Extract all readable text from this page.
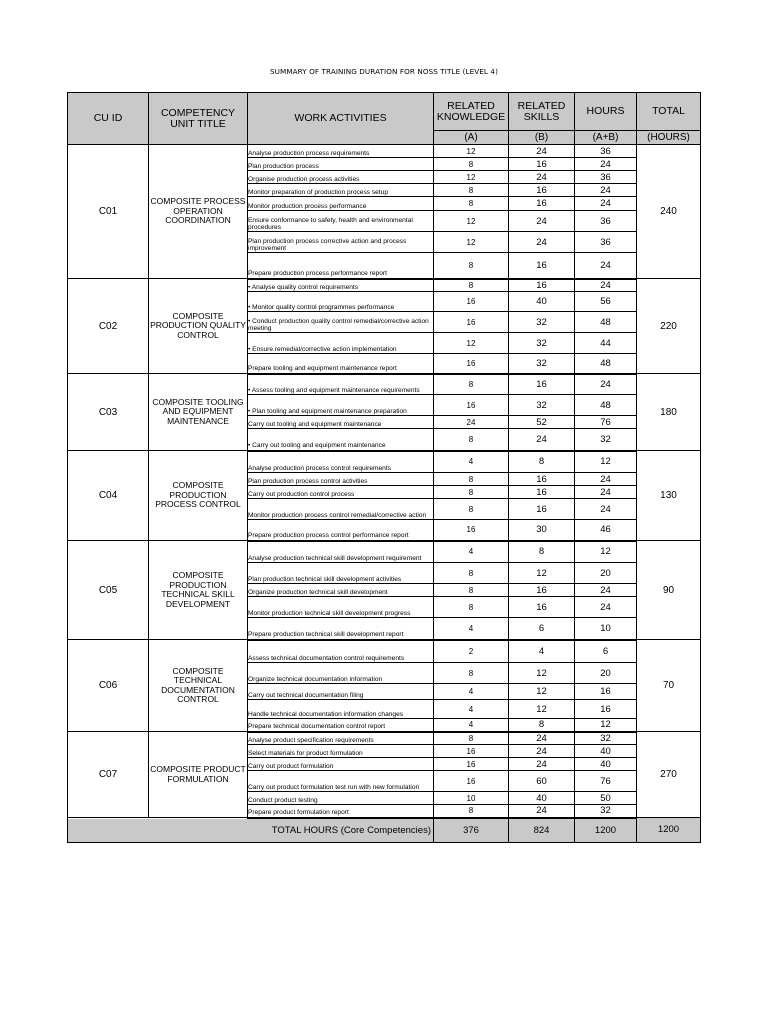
SUMMARY OF TRAINING DURATION FOR NOSS TITLE (LEVEL 4)
CU ID	COMPETENCY UNIT TITLE	WORK ACTIVITIES	RELATED KNOWLEDGE	RELATED SKILLS	HOURS	TOTAL
			(A)	(B)	(A+B)	(HOURS)
C01	COMPOSITE PROCESS OPERATION COORDINATION	Analyse production process requirements	12	24	36	240
		Plan production process	8	16	24	
		Organise production process activities	12	24	36	
		Monitor preparation of production process setup	8	16	24	
		Monitor production process performance	8	16	24	
		Ensure conformance to safety, health and environmental procedures	12	24	36	
		Plan production process corrective action and process improvement	12	24	36	
		Prepare production process performance report	8	16	24	
C02	COMPOSITE PRODUCTION QUALITY CONTROL	• Analyse quality control requirements	8	16	24	220
		• Monitor quality control programmes performance	16	40	56	
		• Conduct production quality control remedial/corrective action meeting	16	32	48	
		• Ensure remedial/corrective action implementation	12	32	44	
		Prepare tooling and equipment maintenance report	16	32	48	
C03	COMPOSITE TOOLING AND EQUIPMENT MAINTENANCE	• Assess tooling and equipment maintenance requirements	8	16	24	180
		• Plan tooling and equipment maintenance preparation	16	32	48	
		Carry out tooling and equipment maintenance	24	52	76	
		• Carry out tooling and equipment maintenance	8	24	32	
C04	COMPOSITE PRODUCTION PROCESS CONTROL	Analyse production process control requirements	4	8	12	130
		Plan production process control activities	8	16	24	
		Carry out production control process	8	16	24	
		Monitor production process control remedial/corrective action	8	16	24	
		Prepare production process control performance report	16	30	46	
C05	COMPOSITE PRODUCTION TECHNICAL SKILL DEVELOPMENT	Analyse production technical skill development requirement	4	8	12	90
		Plan production technical skill development activities	8	12	20	
		Organize production technical skill development	8	16	24	
		Monitor production technical skill development progress	8	16	24	
		Prepare production technical skill development report	4	6	10	
C06	COMPOSITE TECHNICAL DOCUMENTATION CONTROL	Assess technical documentation control requirements	2	4	6	70
		Organize technical documentation information	8	12	20	
		Carry out technical documentation filing	4	12	16	
		Handle technical documentation information changes	4	12	16	
		Prepare technical documentation control report	4	8	12	
C07	COMPOSITE PRODUCT FORMULATION	Analyse product specification requirements	8	24	32	270
		Select materials for product formulation	16	24	40	
		Carry out product formulation	16	24	40	
		Carry out product formulation test run with new formulation	16	60	76	
		Conduct product testing	10	40	50	
		Prepare product formulation report	8	24	32	
TOTAL HOURS (Core Competencies)			376	824	1200	1200
